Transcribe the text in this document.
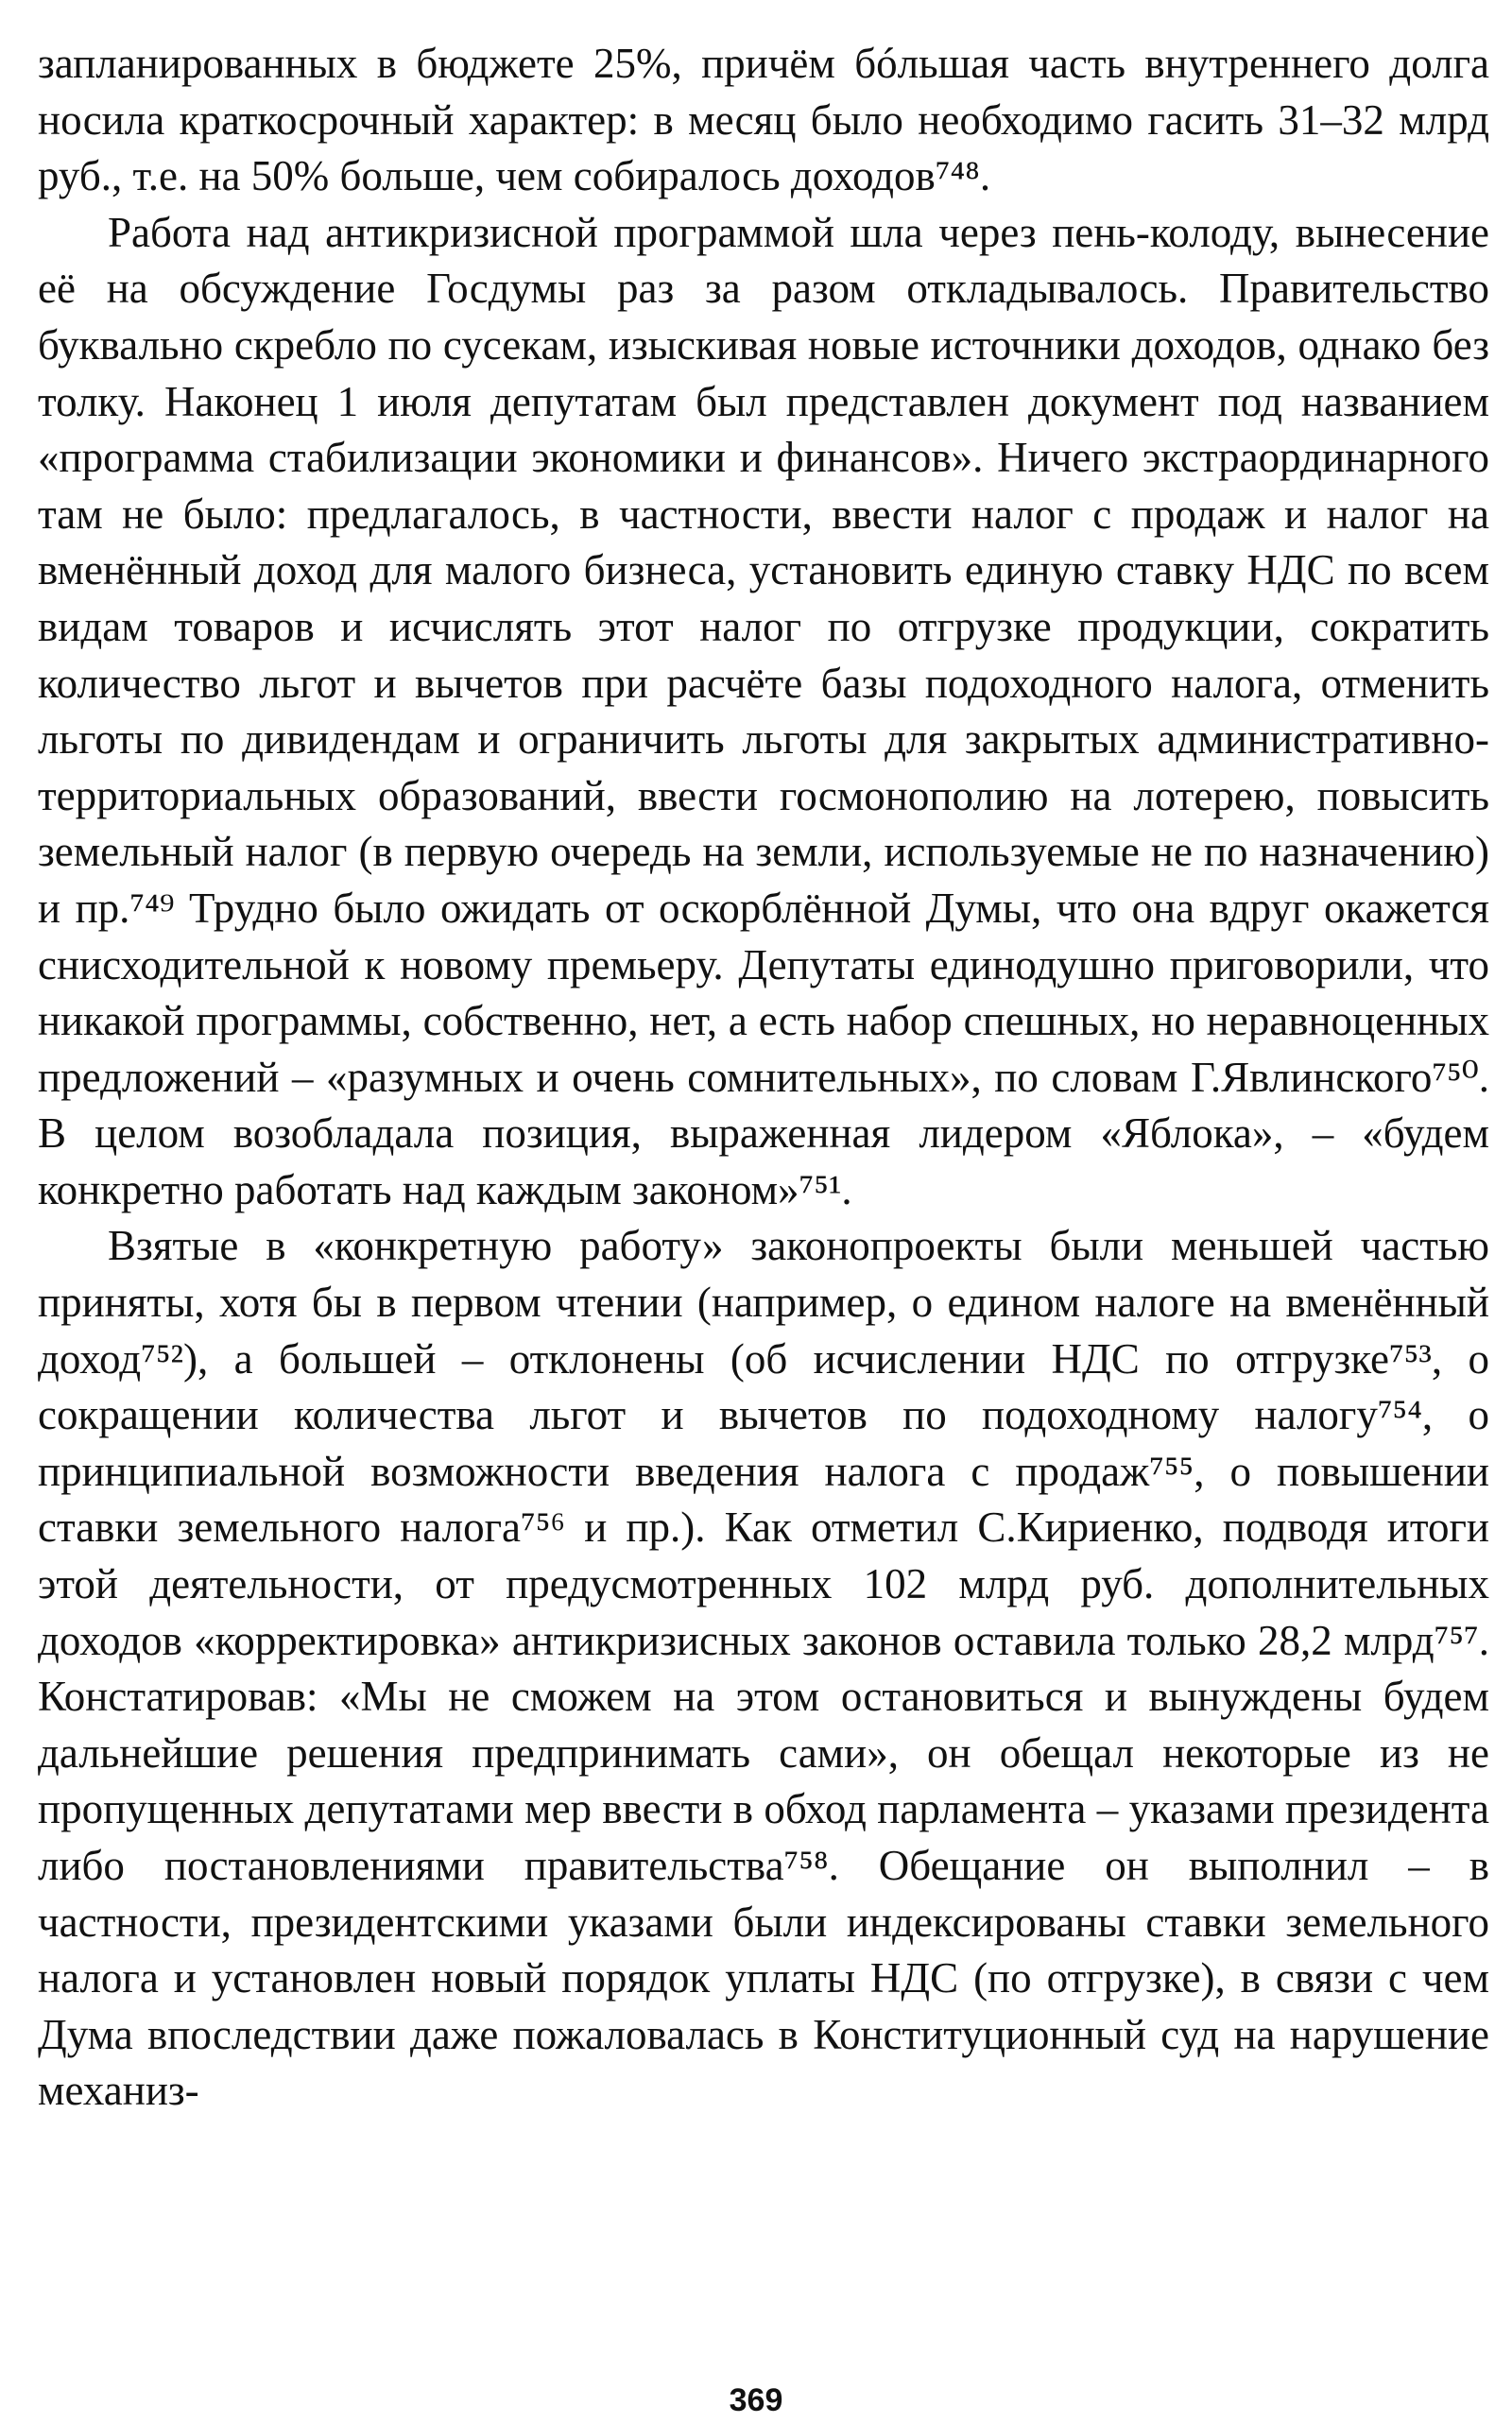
запланированных в бюджете 25%, причём бóльшая часть внутреннего долга носила краткосрочный характер: в месяц было необходимо гасить 31–32 млрд руб., т.е. на 50% больше, чем собиралось доходов⁷⁴⁸.

Работа над антикризисной программой шла через пень-колоду, вынесение её на обсуждение Госдумы раз за разом откладывалось. Правительство буквально скребло по сусекам, изыскивая новые источники доходов, однако без толку. Наконец 1 июля депутатам был представлен документ под названием «программа стабилизации экономики и финансов». Ничего экстраординарного там не было: предлагалось, в частности, ввести налог с продаж и налог на вменённый доход для малого бизнеса, установить единую ставку НДС по всем видам товаров и исчислять этот налог по отгрузке продукции, сократить количество льгот и вычетов при расчёте базы подоходного налога, отменить льготы по дивидендам и ограничить льготы для закрытых административно-территориальных образований, ввести госмонополию на лотерею, повысить земельный налог (в первую очередь на земли, используемые не по назначению) и пр.⁷⁴⁹ Трудно было ожидать от оскорблённой Думы, что она вдруг окажется снисходительной к новому премьеру. Депутаты единодушно приговорили, что никакой программы, собственно, нет, а есть набор спешных, но неравноценных предложений – «разумных и очень сомнительных», по словам Г.Явлинского⁷⁵⁰. В целом возобладала позиция, выраженная лидером «Яблока», – «будем конкретно работать над каждым законом»⁷⁵¹.

Взятые в «конкретную работу» законопроекты были меньшей частью приняты, хотя бы в первом чтении (например, о едином налоге на вменённый доход⁷⁵²), а большей – отклонены (об исчислении НДС по отгрузке⁷⁵³, о сокращении количества льгот и вычетов по подоходному налогу⁷⁵⁴, о принципиальной возможности введения налога с продаж⁷⁵⁵, о повышении ставки земельного налога⁷⁵⁶ и пр.). Как отметил С.Кириенко, подводя итоги этой деятельности, от предусмотренных 102 млрд руб. дополнительных доходов «корректировка» антикризисных законов оставила только 28,2 млрд⁷⁵⁷. Констатировав: «Мы не сможем на этом остановиться и вынуждены будем дальнейшие решения предпринимать сами», он обещал некоторые из не пропущенных депутатами мер ввести в обход парламента – указами президента либо постановлениями правительства⁷⁵⁸. Обещание он выполнил – в частности, президентскими указами были индексированы ставки земельного налога и установлен новый порядок уплаты НДС (по отгрузке), в связи с чем Дума впоследствии даже пожаловалась в Конституционный суд на нарушение механиз-

369
